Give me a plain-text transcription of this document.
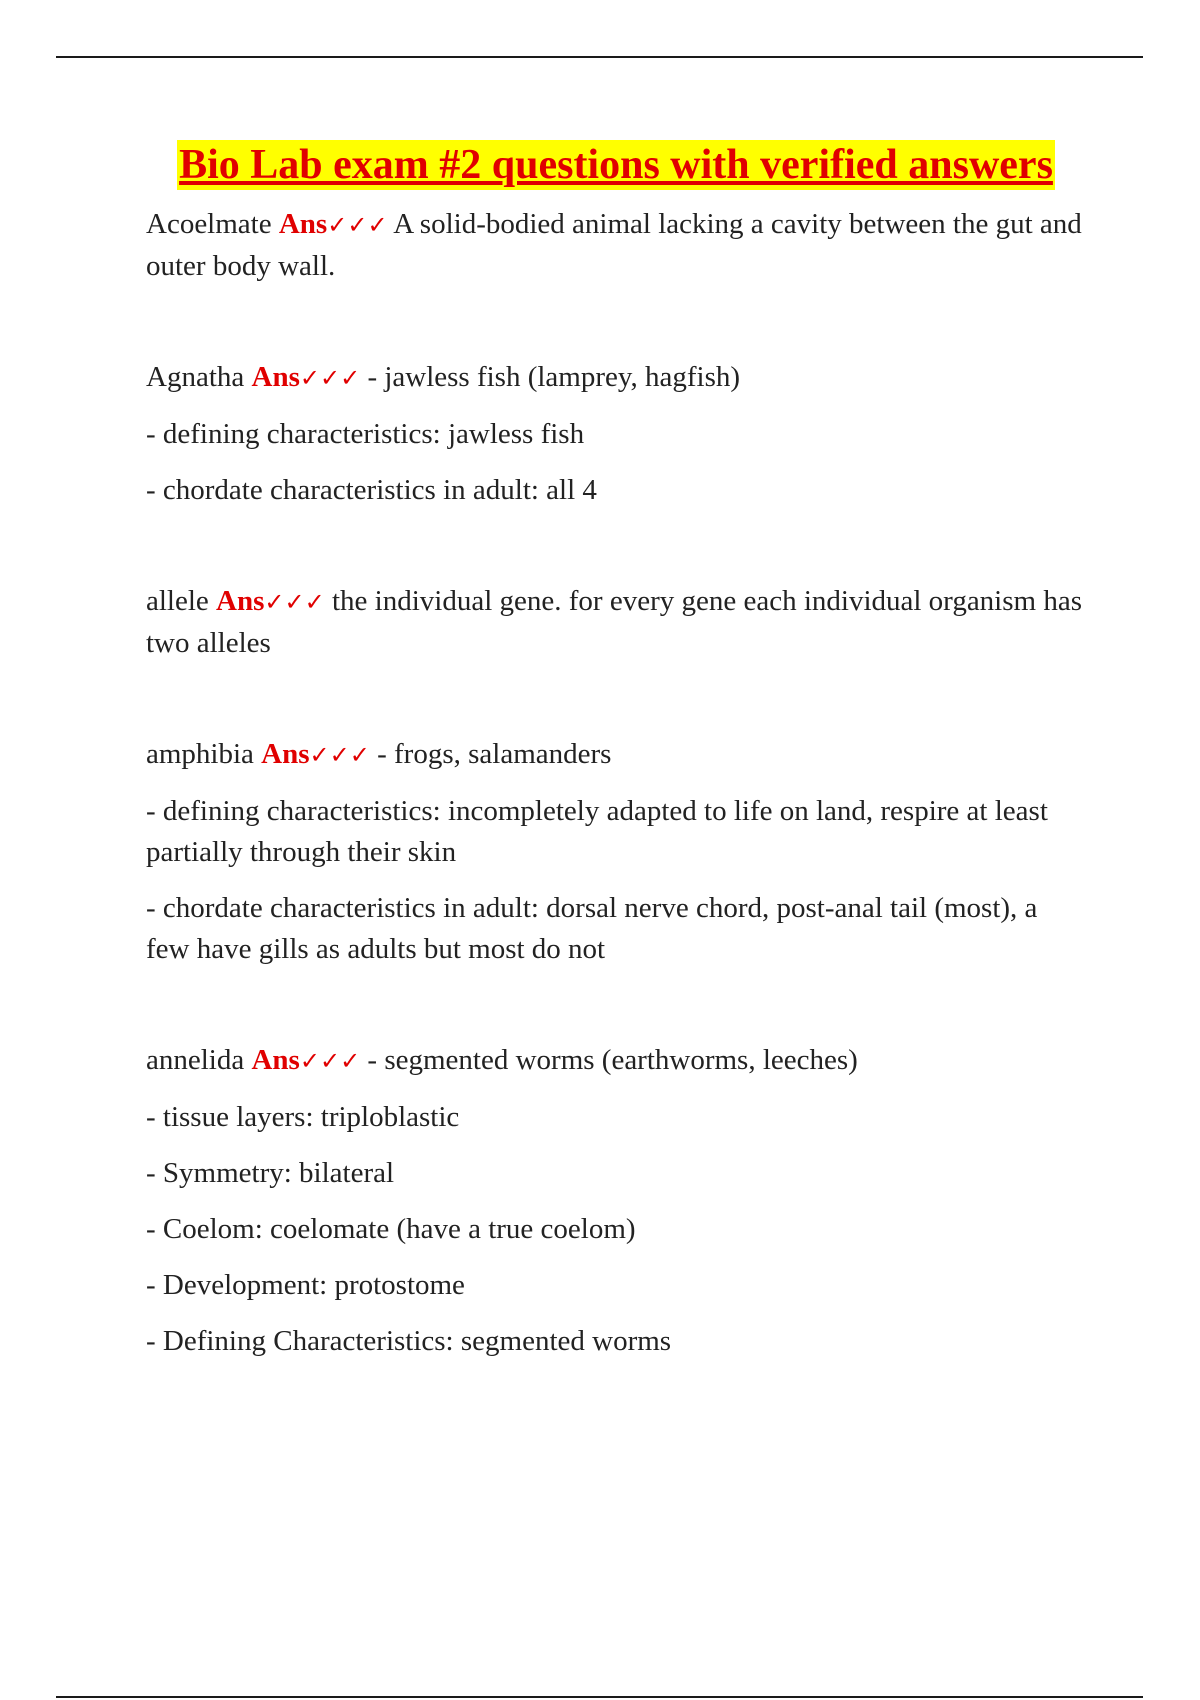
Bio Lab exam #2 questions with verified answers
Acoelmate Ans✓✓✓ A solid-bodied animal lacking a cavity between the gut and outer body wall.
Agnatha Ans✓✓✓ - jawless fish (lamprey, hagfish)
- defining characteristics: jawless fish
- chordate characteristics in adult: all 4
allele Ans✓✓✓ the individual gene. for every gene each individual organism has two alleles
amphibia Ans✓✓✓ - frogs, salamanders
- defining characteristics: incompletely adapted to life on land, respire at least partially through their skin
- chordate characteristics in adult: dorsal nerve chord, post-anal tail (most), a few have gills as adults but most do not
annelida Ans✓✓✓ - segmented worms (earthworms, leeches)
- tissue layers: triploblastic
- Symmetry: bilateral
- Coelom: coelomate (have a true coelom)
- Development: protostome
- Defining Characteristics: segmented worms
